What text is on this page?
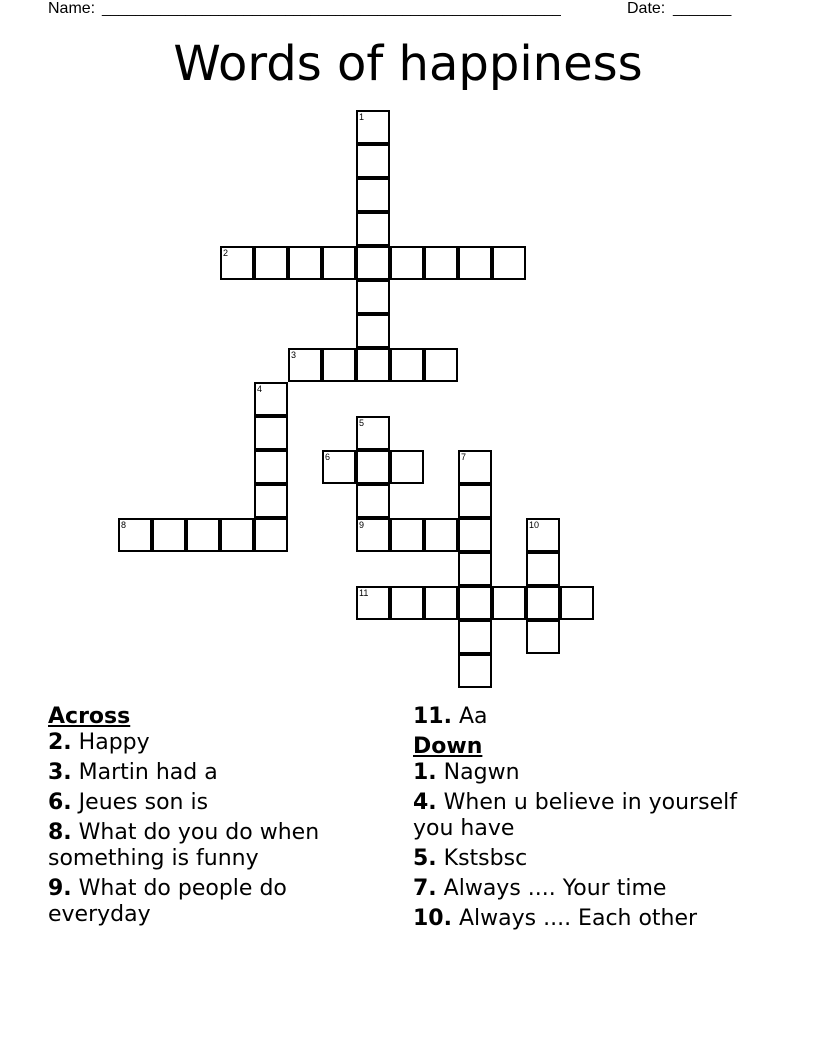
Name: _______________________________________________________	Date: _______
Words of happiness
1
2
3
4
5
6	7
8	9	10
11

Across

2. Happy
3. Martin had a
6. Jeues son is
8. What do you do when something is funny
9. What do people do everyday
11. Aa

Down

1. Nagwn
4. When u believe in yourself you have
5. Kstsbsc
7. Always .... Your time
10. Always .... Each other
